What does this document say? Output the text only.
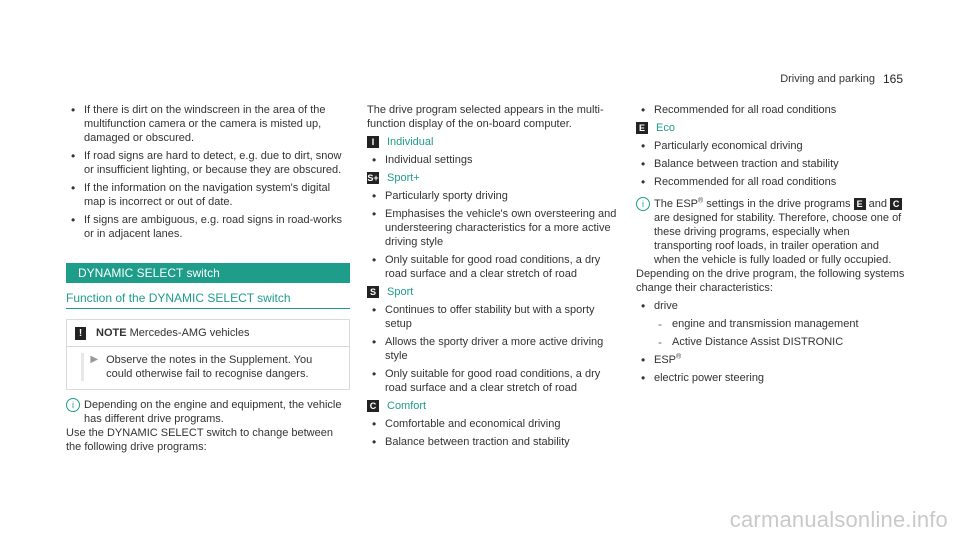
Driving and parking 165
• If there is dirt on the windscreen in the area of the multifunction camera or the camera is misted up, damaged or obscured.
• If road signs are hard to detect, e.g. due to dirt, snow or insufficient lighting, or because they are obscured.
• If the information on the navigation system's digital map is incorrect or out of date.
• If signs are ambiguous, e.g. road signs in road-works or in adjacent lanes.
DYNAMIC SELECT switch
Function of the DYNAMIC SELECT switch
!	NOTE Mercedes-AMG vehicles
▶ Observe the notes in the Supplement. You could otherwise fail to recognise dangers.
i Depending on the engine and equipment, the vehicle has different drive programs.

Use the DYNAMIC SELECT switch to change between the following drive programs:

The drive program selected appears in the multi-function display of the on-board computer.

I	Individual
• Individual settings
S+ Sport+
• Particularly sporty driving
• Emphasises the vehicle's own oversteering and understeering characteristics for a more active driving style
• Only suitable for good road conditions, a dry road surface and a clear stretch of road
S Sport
• Continues to offer stability but with a sporty setup
• Allows the sporty driver a more active driving style
• Only suitable for good road conditions, a dry road surface and a clear stretch of road
C Comfort
• Comfortable and economical driving
• Balance between traction and stability
• Recommended for all road conditions
E Eco
• Particularly economical driving
• Balance between traction and stability
• Recommended for all road conditions
i The ESP® settings in the drive programs E and C are designed for stability. Therefore, choose one of these driving programs, especially when transporting roof loads, in trailer operation and when the vehicle is fully loaded or fully occupied.

Depending on the drive program, the following systems change their characteristics:

• drive
- engine and transmission management
- Active Distance Assist DISTRONIC
• ESP®
• electric power steering
carmanualsonline.info
